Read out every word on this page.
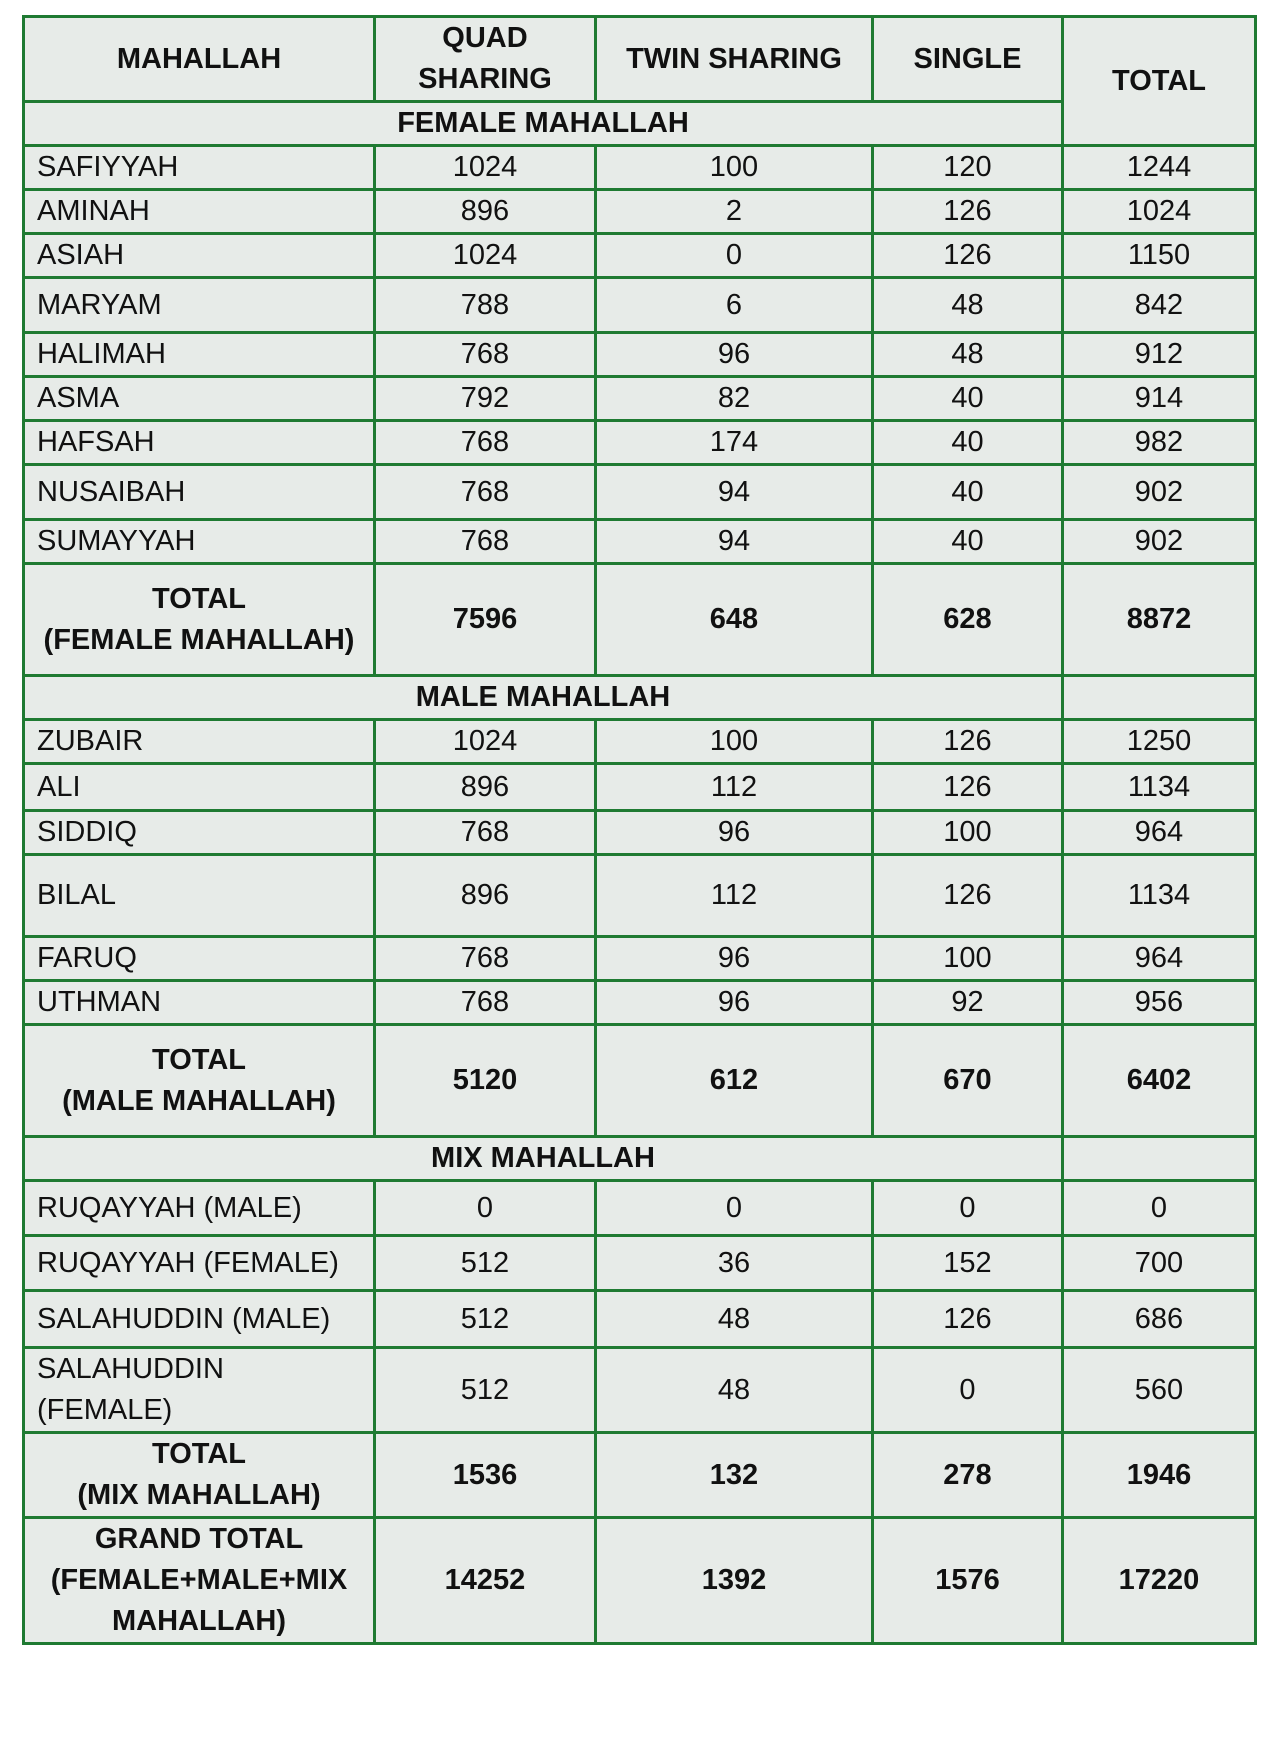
MAHALLAH	QUAD SHARING	TWIN SHARING	SINGLE	TOTAL
FEMALE MAHALLAH				
SAFIYYAH	1024	100	120	1244
AMINAH	896	2	126	1024
ASIAH	1024	0	126	1150
MARYAM	788	6	48	842
HALIMAH	768	96	48	912
ASMA	792	82	40	914
HAFSAH	768	174	40	982
NUSAIBAH	768	94	40	902
SUMAYYAH	768	94	40	902

TOTAL
(FEMALE MAHALLAH)	7596	648	628	8872
MALE MAHALLAH				
ZUBAIR	1024	100	126	1250
ALI	896	112	126	1134
SIDDIQ	768	96	100	964
BILAL	896	112	126	1134
FARUQ	768	96	100	964
UTHMAN	768	96	92	956

TOTAL
(MALE MAHALLAH)	5120	612	670	6402
MIX MAHALLAH				
RUQAYYAH (MALE)	0	0	0	0
RUQAYYAH (FEMALE)	512	36	152	700
SALAHUDDIN (MALE)	512	48	126	686
SALAHUDDIN (FEMALE)	512	48	0	560

TOTAL
(MIX MAHALLAH)	1536	132	278	1946

GRAND TOTAL
(FEMALE+MALE+MIX
MAHALLAH)	14252	1392	1576	17220
